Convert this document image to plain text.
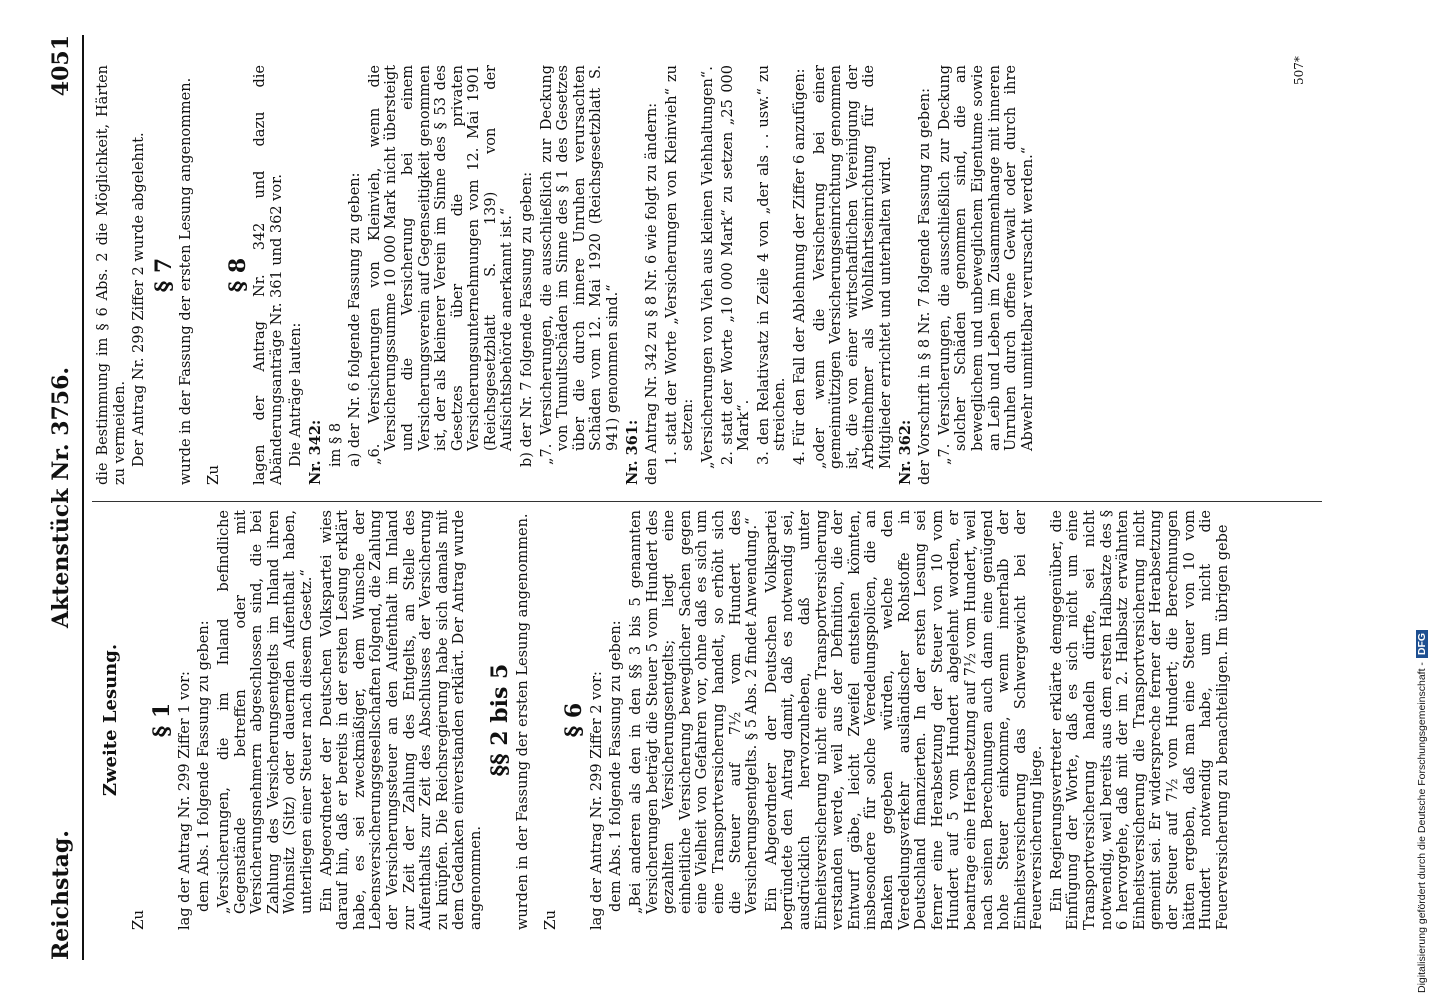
Reichstag.
Aktenstück Nr. 3756.
4051
Zweite Lesung.
Zu
§ 1 lag der Antrag Nr. 299 Ziffer 1 vor: dem Abs. 1 folgende Fassung zu geben: „Versicherungen, die im Inland befindliche Gegenstände betreffen oder mit Versicherungsnehmern abgeschlossen sind, die bei Zahlung des Versicherungsentgelts im Inland ihren Wohnsitz (Sitz) oder dauernden Aufenthalt haben, unterliegen einer Steuer nach diesem Gesetz.“ Ein Abgeordneter der Deutschen Volkspartei wies darauf hin, daß er bereits in der ersten Lesung erklärt habe, es sei zweckmäßiger, dem Wunsche der Lebensversicherungsgesellschaften folgend, die Zahlung der Versicherungssteuer an den Aufenthalt im Inland zur Zeit der Zahlung des Entgelts, an Stelle des Aufenthalts zur Zeit des Abschlusses der Versicherung zu knüpfen. Die Reichsregierung habe sich damals mit dem Gedanken einverstanden erklärt. Der Antrag wurde angenommen.

§§ 2 bis 5 wurden in der Fassung der ersten Lesung angenommen. Zu
§ 6 lag der Antrag Nr. 299 Ziffer 2 vor: dem Abs. 1 folgende Fassung zu geben: „Bei anderen als den in den §§ 3 bis 5 genannten Versicherungen beträgt die Steuer 5 vom Hundert des gezahlten Versicherungsentgelts; liegt eine einheitliche Versicherung beweglicher Sachen gegen eine Vielheit von Gefahren vor, ohne daß es sich um eine Transportversicherung handelt, so erhöht sich die Steuer auf 7½ vom Hundert des Versicherungsentgelts. § 5 Abs. 2 findet Anwendung.“ Ein Abgeordneter der Deutschen Volkspartei begründete den Antrag damit, daß es notwendig sei, ausdrücklich hervorzuheben, daß unter Einheitsversicherung nicht eine Transportversicherung verstanden werde, weil aus der Definition, die der Entwurf gäbe, leicht Zweifel entstehen könnten, insbesondere für solche Veredelungspolicen, die an Banken gegeben würden, welche den Veredelungsverkehr ausländischer Rohstoffe in Deutschland finanzierten. In der ersten Lesung sei ferner eine Herabsetzung der Steuer von 10 vom Hundert auf 5 vom Hundert abgelehnt worden, er beantrage eine Herabsetzung auf 7½ vom Hundert, weil nach seinen Berechnungen auch dann eine genügend hohe Steuer einkomme, wenn innerhalb der Einheitsversicherung das Schwergewicht bei der Feuerversicherung liege. Ein Regierungsvertreter erklärte demgegenüber, die Einfügung der Worte, daß es sich nicht um eine Transportversicherung handeln dürfte, sei nicht notwendig, weil bereits aus dem ersten Halbsatze des § 6 hervorgehe, daß mit der im 2. Halbsatz erwähnten Einheitsversicherung die Transportversicherung nicht gemeint sei. Er widerspreche ferner der Herabsetzung der Steuer auf 7½ vom Hundert; die Berechnungen hätten ergeben, daß man eine Steuer von 10 vom Hundert notwendig habe, um nicht die Feuerversicherung zu benachteiligen. Im übrigen gebe

die Bestimmung im § 6 Abs. 2 die Möglichkeit, Härten zu vermeiden. Der Antrag Nr. 299 Ziffer 2 wurde abgelehnt. § 7 wurde in der Fassung der ersten Lesung angenommen. Zu
§ 8 lagen der Antrag Nr. 342 und dazu die Abänderungsanträge Nr. 361 und 362 vor. Die Anträge lauten: Nr. 342: im § 8 a) der Nr. 6 folgende Fassung zu geben: „6. Versicherungen von Kleinvieh, wenn die Versicherungssumme 10 000 Mark nicht übersteigt und die Versicherung bei einem Versicherungsverein auf Gegenseitigkeit genommen ist, der als kleinerer Verein im Sinne des § 53 des Gesetzes über die privaten Versicherungsunternehmungen vom 12. Mai 1901 (Reichsgesetzblatt S. 139) von der Aufsichtsbehörde anerkannt ist.“ b) der Nr. 7 folgende Fassung zu geben: „7. Versicherungen, die ausschließlich zur Deckung von Tumultschäden im Sinne des § 1 des Gesetzes über die durch innere Unruhen verursachten Schäden vom 12. Mai 1920 (Reichsgesetzblatt S. 941) genommen sind.“

Nr. 361: den Antrag Nr. 342 zu § 8 Nr. 6 wie folgt zu ändern: 1. statt der Worte „Versicherungen von Kleinvieh“ zu setzen: „Versicherungen von Vieh aus kleinen Viehhaltungen“. 2. statt der Worte „10 000 Mark“ zu setzen „25 000 Mark“. 3. den Relativsatz in Zeile 4 von „der als . . usw.“ zu streichen. 4. Für den Fall der Ablehnung der Ziffer 6 anzufügen: „oder wenn die Versicherung bei einer gemeinnützigen Versicherungseinrichtung genommen ist, die von einer wirtschaftlichen Vereinigung der Arbeitnehmer als Wohlfahrtseinrichtung für die Mitglieder errichtet und unterhalten wird. Nr. 362: der Vorschrift in § 8 Nr. 7 folgende Fassung zu geben: „7. Versicherungen, die ausschließlich zur Deckung solcher Schäden genommen sind, die an beweglichem und unbeweglichem Eigentume sowie an Leib und Leben im Zusammenhange mit inneren Unruhen durch offene Gewalt oder durch ihre Abwehr unmittelbar verursacht werden.“

507*
Digitalisierung gefördert durch die Deutsche Forschungsgemeinschaft -DFG
